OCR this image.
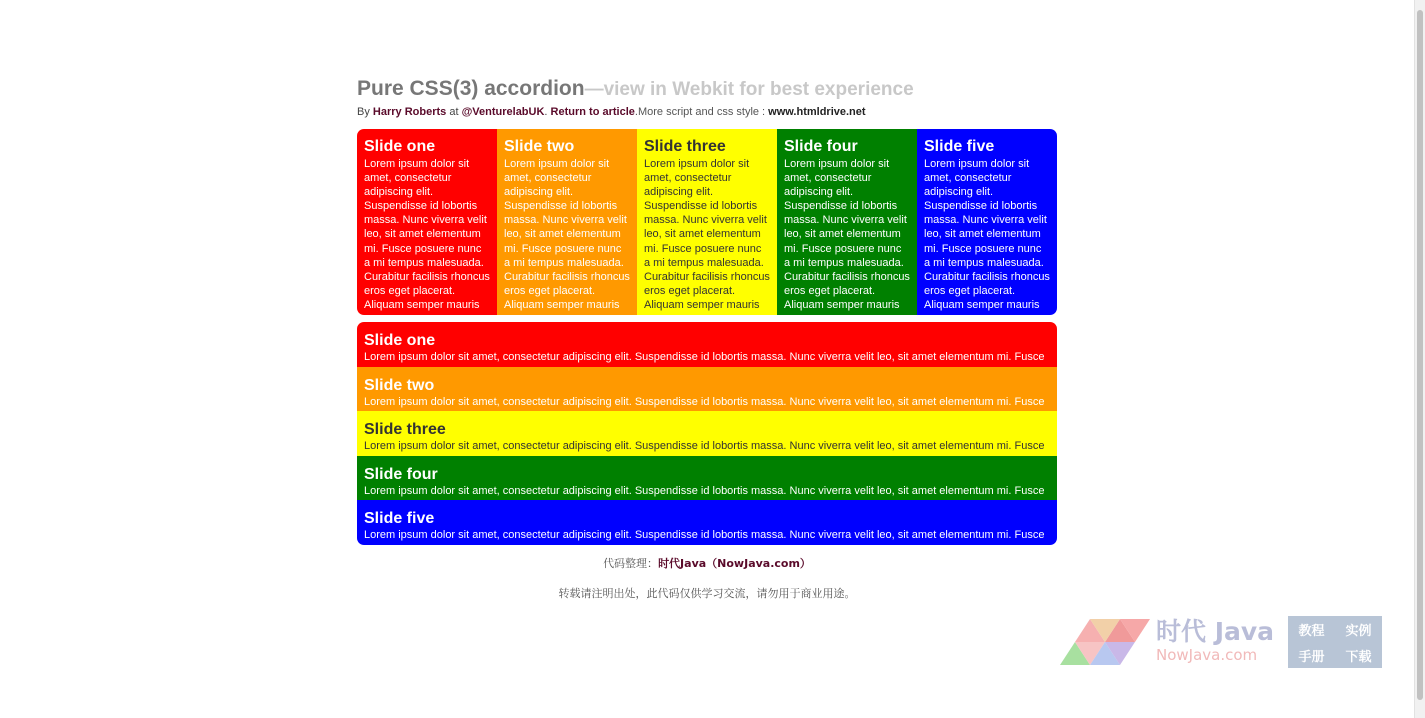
Pure CSS(3) accordion—view in Webkit for best experience
By Harry Roberts at @VenturelabUK. Return to article.More script and css style : www.htmldrive.net
Slide one

Lorem ipsum dolor sit amet, consectetur adipiscing elit. Suspendisse id lobortis massa. Nunc viverra velit leo, sit amet elementum mi. Fusce posuere nunc a mi tempus malesuada. Curabitur facilisis rhoncus eros eget placerat. Aliquam semper mauris

Slide two

Lorem ipsum dolor sit amet, consectetur adipiscing elit. Suspendisse id lobortis massa. Nunc viverra velit leo, sit amet elementum mi. Fusce posuere nunc a mi tempus malesuada. Curabitur facilisis rhoncus eros eget placerat. Aliquam semper mauris

Slide three

Lorem ipsum dolor sit amet, consectetur adipiscing elit. Suspendisse id lobortis massa. Nunc viverra velit leo, sit amet elementum mi. Fusce posuere nunc a mi tempus malesuada. Curabitur facilisis rhoncus eros eget placerat. Aliquam semper mauris

Slide four

Lorem ipsum dolor sit amet, consectetur adipiscing elit. Suspendisse id lobortis massa. Nunc viverra velit leo, sit amet elementum mi. Fusce posuere nunc a mi tempus malesuada. Curabitur facilisis rhoncus eros eget placerat. Aliquam semper mauris

Slide five

Lorem ipsum dolor sit amet, consectetur adipiscing elit. Suspendisse id lobortis massa. Nunc viverra velit leo, sit amet elementum mi. Fusce posuere nunc a mi tempus malesuada. Curabitur facilisis rhoncus eros eget placerat. Aliquam semper mauris

Slide one

Lorem ipsum dolor sit amet, consectetur adipiscing elit. Suspendisse id lobortis massa. Nunc viverra velit leo, sit amet elementum mi. Fusce

Slide two

Lorem ipsum dolor sit amet, consectetur adipiscing elit. Suspendisse id lobortis massa. Nunc viverra velit leo, sit amet elementum mi. Fusce

Slide three

Lorem ipsum dolor sit amet, consectetur adipiscing elit. Suspendisse id lobortis massa. Nunc viverra velit leo, sit amet elementum mi. Fusce

Slide four

Lorem ipsum dolor sit amet, consectetur adipiscing elit. Suspendisse id lobortis massa. Nunc viverra velit leo, sit amet elementum mi. Fusce

Slide five

Lorem ipsum dolor sit amet, consectetur adipiscing elit. Suspendisse id lobortis massa. Nunc viverra velit leo, sit amet elementum mi. Fusce

代码整理：时代Java（NowJava.com）
转载请注明出处，此代码仅供学习交流，请勿用于商业用途。
时代 Java
NowJava.com
教程	实例
手册	下载
